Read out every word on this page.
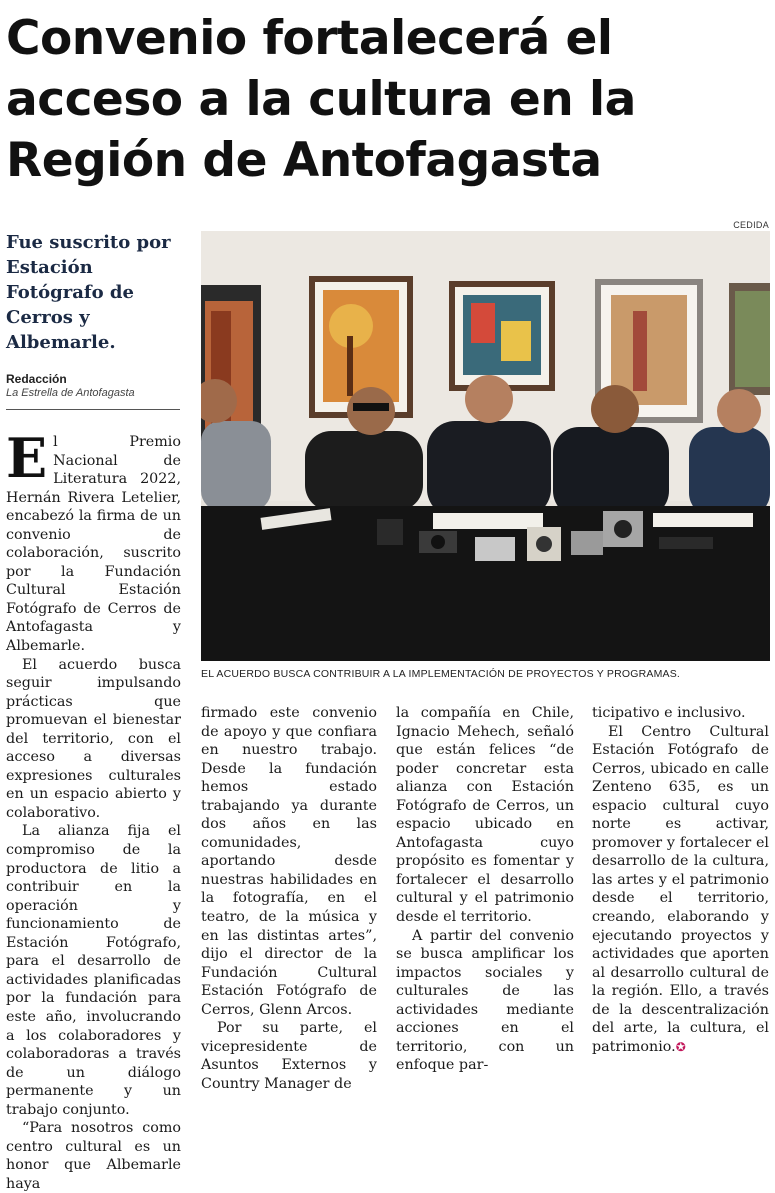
Convenio fortalecerá el
acceso a la cultura en la
Región de Antofagasta
CEDIDA
Fue suscrito por
Estación
Fotógrafo de
Cerros y
Albemarle.
Redacción
La Estrella de Antofagasta
EL ACUERDO BUSCA CONTRIBUIR A LA IMPLEMENTACIÓN DE PROYECTOS Y PROGRAMAS.

El Premio Nacional de Literatura 2022, Hernán Rivera Letelier, encabezó la firma de un convenio de colaboración, suscrito por la Fundación Cultural Estación Fotógrafo de Cerros de Antofagasta y Albemarle.

El acuerdo busca seguir impulsando prácticas que promuevan el bienestar del territorio, con el acceso a diversas expresiones culturales en un espacio abierto y colaborativo.

La alianza fija el compromiso de la productora de litio a contribuir en la operación y funcionamiento de Estación Fotógrafo, para el desarrollo de actividades planificadas por la fundación para este año, involucrando a los colaboradores y colaboradoras a través de un diálogo permanente y un trabajo conjunto.

“Para nosotros como centro cultural es un honor que Albemarle haya

firmado este convenio de apoyo y que confiara en nuestro trabajo. Desde la fundación hemos estado trabajando ya durante dos años en las comunidades, aportando desde nuestras habilidades en la fotografía, en el teatro, de la música y en las distintas artes”, dijo el director de la Fundación Cultural Estación Fotógrafo de Cerros, Glenn Arcos.

Por su parte, el vicepresidente de Asuntos Externos y Country Manager de

la compañía en Chile, Ignacio Mehech, señaló que están felices “de poder concretar esta alianza con Estación Fotógrafo de Cerros, un espacio ubicado en Antofagasta cuyo propósito es fomentar y fortalecer el desarrollo cultural y el patrimonio desde el territorio.

A partir del convenio se busca amplificar los impactos sociales y culturales de las actividades mediante acciones en el territorio, con un enfoque par-

ticipativo e inclusivo.

El Centro Cultural Estación Fotógrafo de Cerros, ubicado en calle Zenteno 635, es un espacio cultural cuyo norte es activar, promover y fortalecer el desarrollo de la cultura, las artes y el patrimonio desde el territorio, creando, elaborando y ejecutando proyectos y actividades que aporten al desarrollo cultural de la región. Ello, a través de la descentralización del arte, la cultura, el patrimonio.✪
